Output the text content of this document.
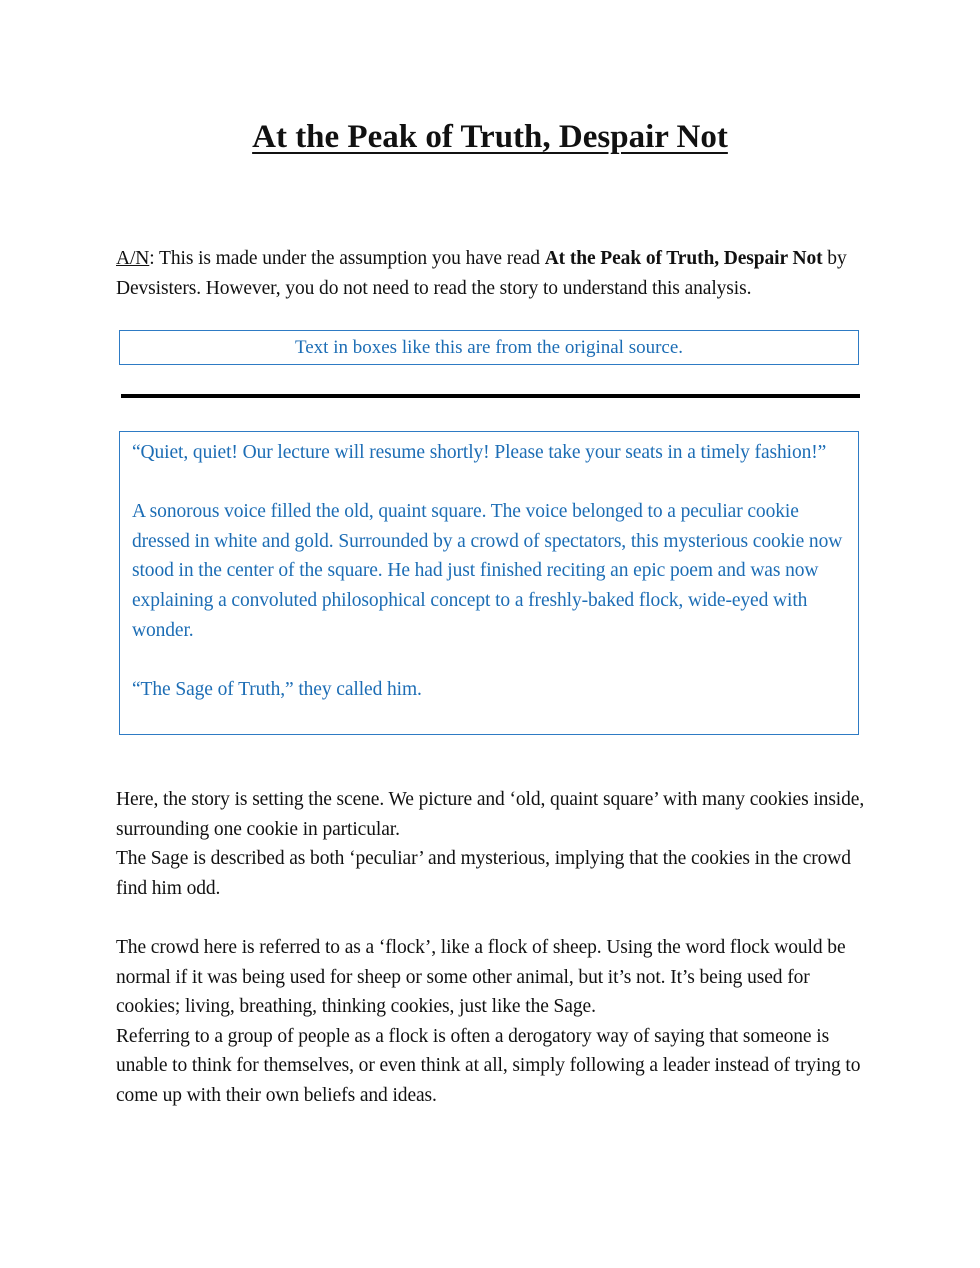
At the Peak of Truth, Despair Not
A/N: This is made under the assumption you have read At the Peak of Truth, Despair Not by Devsisters. However, you do not need to read the story to understand this analysis.
Text in boxes like this are from the original source.

“Quiet, quiet! Our lecture will resume shortly! Please take your seats in a timely fashion!”

A sonorous voice filled the old, quaint square. The voice belonged to a peculiar cookie dressed in white and gold. Surrounded by a crowd of spectators, this mysterious cookie now stood in the center of the square. He had just finished reciting an epic poem and was now explaining a convoluted philosophical concept to a freshly-baked flock, wide-eyed with wonder.

“The Sage of Truth,” they called him.

Here, the story is setting the scene. We picture and ‘old, quaint square’ with many cookies inside, surrounding one cookie in particular.

The Sage is described as both ‘peculiar’ and mysterious, implying that the cookies in the crowd find him odd.

The crowd here is referred to as a ‘flock’, like a flock of sheep. Using the word flock would be normal if it was being used for sheep or some other animal, but it’s not. It’s being used for cookies; living, breathing, thinking cookies, just like the Sage.

Referring to a group of people as a flock is often a derogatory way of saying that someone is unable to think for themselves, or even think at all, simply following a leader instead of trying to come up with their own beliefs and ideas.
